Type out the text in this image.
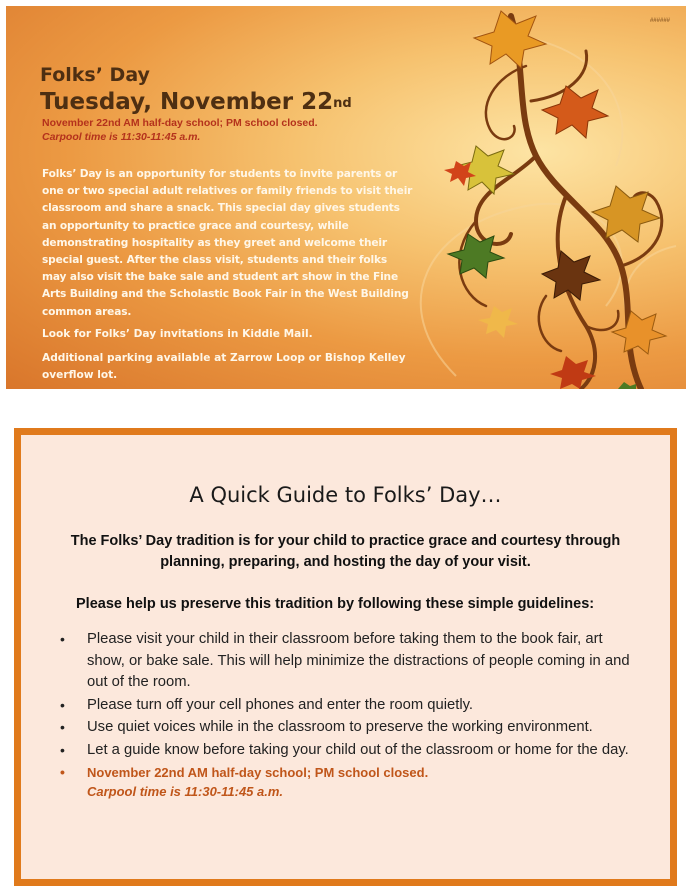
######
Folks’ Day
Tuesday, November 22nd

November 22nd AM half-day school; PM school closed.

Carpool time is 11:30-11:45 a.m.

Folks’ Day is an opportunity for students to invite parents or one or two special adult relatives or family friends to visit their classroom and share a snack. This special day gives students an opportunity to practice grace and courtesy, while demonstrating hospitality as they greet and welcome their special guest. After the class visit, students and their folks may also visit the bake sale and student art show in the Fine Arts Building and the Scholastic Book Fair in the West Building common areas.

Look for Folks’ Day invitations in Kiddie Mail.

Additional parking available at Zarrow Loop or Bishop Kelley overflow lot.

A Quick Guide to Folks’ Day…

The Folks’ Day tradition is for your child to practice grace and courtesy through planning, preparing, and hosting the day of your visit.

Please help us preserve this tradition by following these simple guidelines:

• Please visit your child in their classroom before taking them to the book fair, art show, or bake sale. This will help minimize the distractions of people coming in and out of the room.
• Please turn off your cell phones and enter the room quietly.
• Use quiet voices while in the classroom to preserve the working environment.
• Let a guide know before taking your child out of the classroom or home for the day.
• November 22nd AM half-day school; PM school closed.
Carpool time is 11:30-11:45 a.m.
